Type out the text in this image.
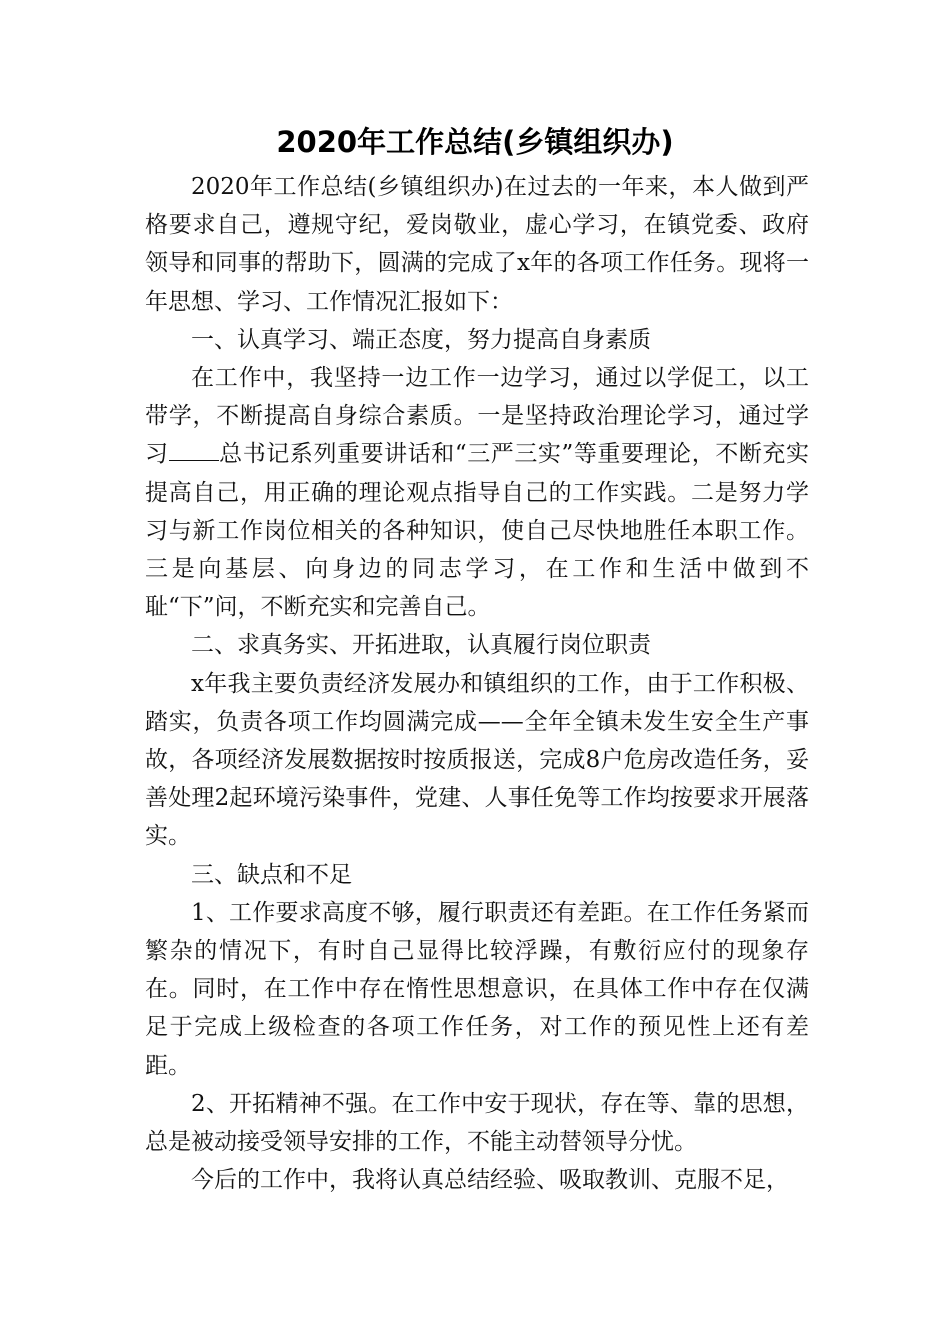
2020年工作总结(乡镇组织办)

2020年工作总结(乡镇组织办)在过去的一年来，本人做到严格要求自己，遵规守纪，爱岗敬业，虚心学习，在镇党委、政府领导和同事的帮助下，圆满的完成了x年的各项工作任务。现将一年思想、学习、工作情况汇报如下：

一、认真学习、端正态度，努力提高自身素质

在工作中，我坚持一边工作一边学习，通过以学促工，以工带学，不断提高自身综合素质。一是坚持政治理论学习，通过学习 总书记系列重要讲话和“三严三实”等重要理论，不断充实提高自己，用正确的理论观点指导自己的工作实践。二是努力学习与新工作岗位相关的各种知识，使自己尽快地胜任本职工作。三是向基层、向身边的同志学习，在工作和生活中做到不耻“下”问，不断充实和完善自己。

二、求真务实、开拓进取，认真履行岗位职责

x年我主要负责经济发展办和镇组织的工作，由于工作积极、踏实，负责各项工作均圆满完成——全年全镇未发生安全生产事故，各项经济发展数据按时按质报送，完成8户危房改造任务，妥善处理2起环境污染事件，党建、人事任免等工作均按要求开展落实。

三、缺点和不足

1、工作要求高度不够，履行职责还有差距。在工作任务紧而繁杂的情况下，有时自己显得比较浮躁，有敷衍应付的现象存在。同时，在工作中存在惰性思想意识，在具体工作中存在仅满足于完成上级检查的各项工作任务，对工作的预见性上还有差距。

2、开拓精神不强。在工作中安于现状，存在等、靠的思想，总是被动接受领导安排的工作，不能主动替领导分忧。

今后的工作中，我将认真总结经验、吸取教训、克服不足，
